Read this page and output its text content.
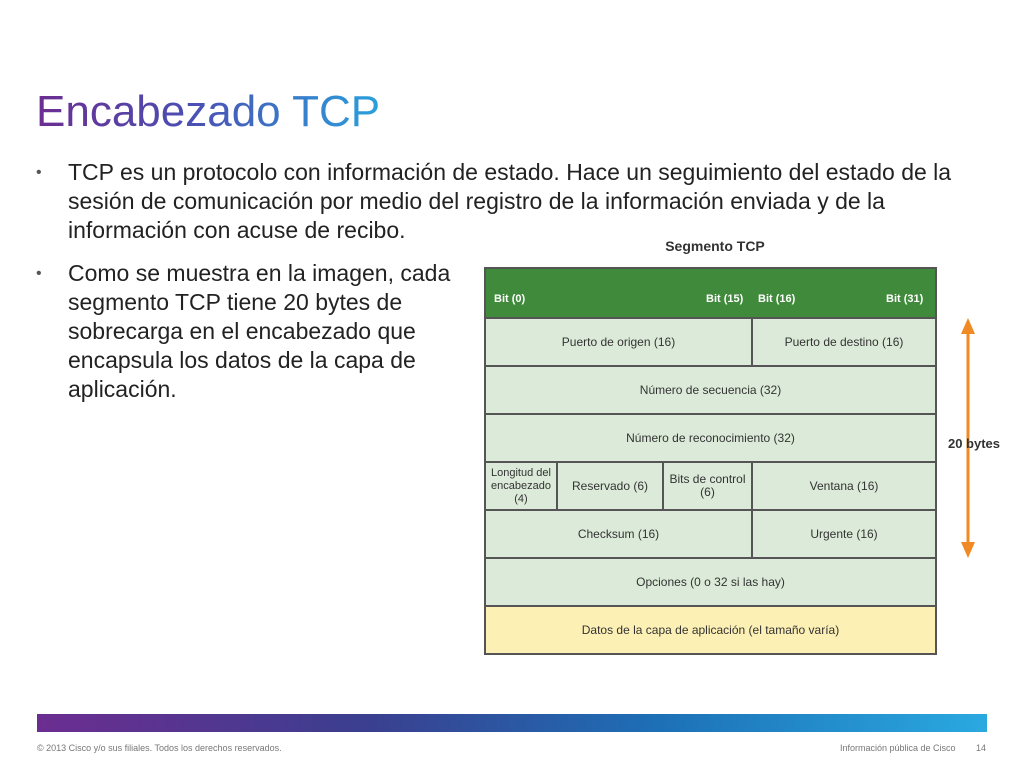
Encabezado TCP
• TCP es un protocolo con información de estado. Hace un seguimiento del estado de la sesión de comunicación por medio del registro de la información enviada y de la información con acuse de recibo.
• Como se muestra en la imagen, cada segmento TCP tiene 20 bytes de sobrecarga en el encabezado que encapsula los datos de la capa de aplicación.
Segmento TCP
Bit (0) Bit (15) Bit (16) Bit (31)			

Puerto de origen (16)			Puerto de destino (16)
Número de secuencia (32)			
Número de reconocimiento (32)			
Longitud del encabezado (4)	Reservado (6)	Bits de control (6)	Ventana (16)
Checksum (16)			Urgente (16)
Opciones (0 o 32 si las hay)			
Datos de la capa de aplicación (el tamaño varía)			
20 bytes
© 2013 Cisco y/o sus filiales. Todos los derechos reservados.	Información pública de Cisco 14
